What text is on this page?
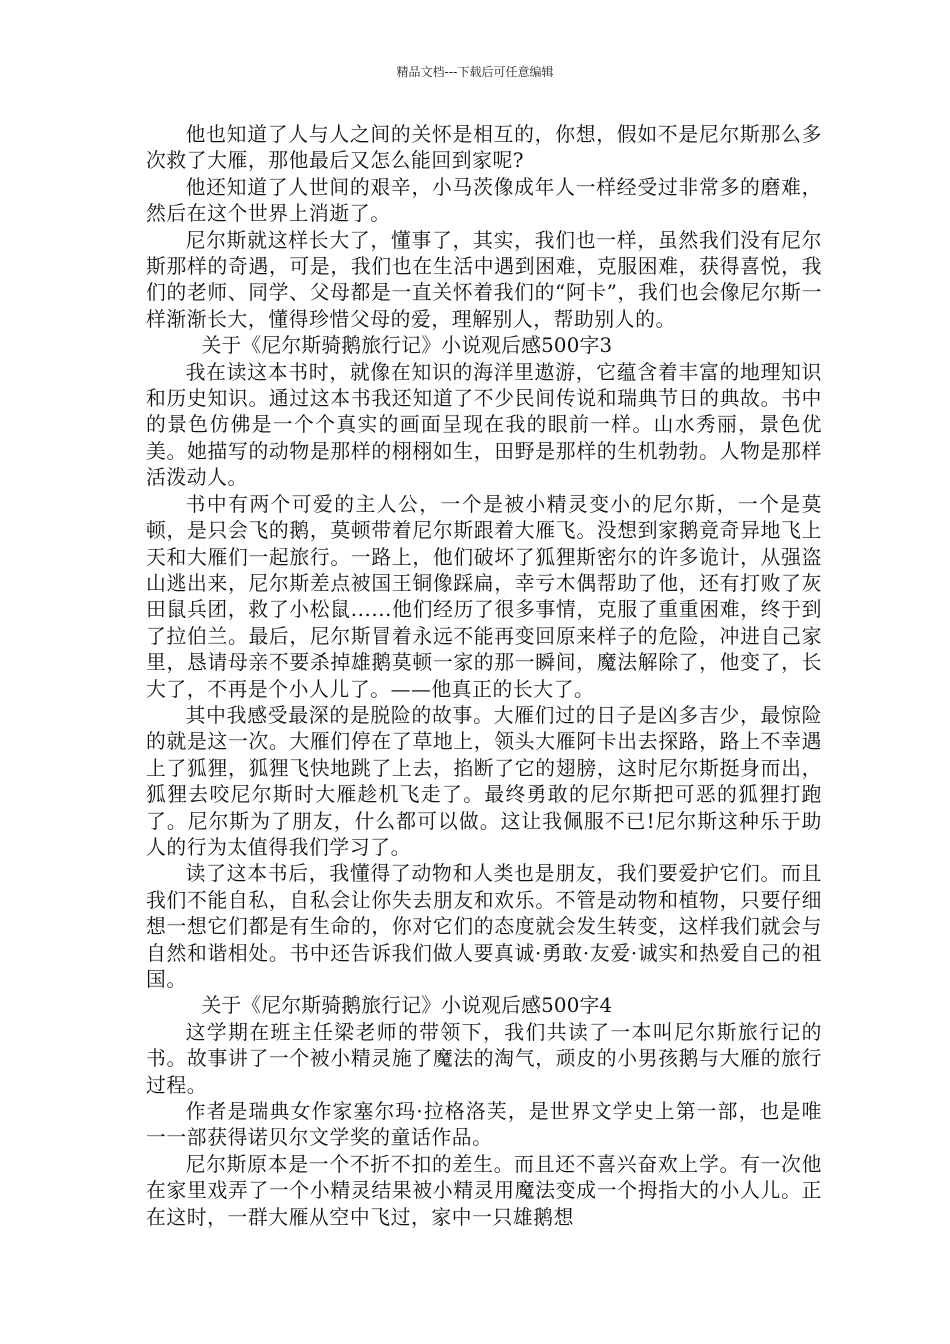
精品文档---下载后可任意编辑

他也知道了人与人之间的关怀是相互的，你想，假如不是尼尔斯那么多次救了大雁，那他最后又怎么能回到家呢?

他还知道了人世间的艰辛，小马茨像成年人一样经受过非常多的磨难，然后在这个世界上消逝了。

尼尔斯就这样长大了，懂事了，其实，我们也一样，虽然我们没有尼尔斯那样的奇遇，可是，我们也在生活中遇到困难，克服困难，获得喜悦，我们的老师、同学、父母都是一直关怀着我们的“阿卡”，我们也会像尼尔斯一样渐渐长大，懂得珍惜父母的爱，理解别人，帮助别人的。

关于《尼尔斯骑鹅旅行记》小说观后感500字3

我在读这本书时，就像在知识的海洋里遨游，它蕴含着丰富的地理知识和历史知识。通过这本书我还知道了不少民间传说和瑞典节日的典故。书中的景色仿佛是一个个真实的画面呈现在我的眼前一样。山水秀丽，景色优美。她描写的动物是那样的栩栩如生，田野是那样的生机勃勃。人物是那样活泼动人。

书中有两个可爱的主人公，一个是被小精灵变小的尼尔斯，一个是莫顿，是只会飞的鹅，莫顿带着尼尔斯跟着大雁飞。没想到家鹅竟奇异地飞上天和大雁们一起旅行。一路上，他们破坏了狐狸斯密尔的许多诡计，从强盗山逃出来，尼尔斯差点被国王铜像踩扁，幸亏木偶帮助了他，还有打败了灰田鼠兵团，救了小松鼠......他们经历了很多事情，克服了重重困难，终于到了拉伯兰。最后，尼尔斯冒着永远不能再变回原来样子的危险，冲进自己家里，恳请母亲不要杀掉雄鹅莫顿一家的那一瞬间，魔法解除了，他变了，长大了，不再是个小人儿了。——他真正的长大了。

其中我感受最深的是脱险的故事。大雁们过的日子是凶多吉少，最惊险的就是这一次。大雁们停在了草地上，领头大雁阿卡出去探路，路上不幸遇上了狐狸，狐狸飞快地跳了上去，掐断了它的翅膀，这时尼尔斯挺身而出，狐狸去咬尼尔斯时大雁趁机飞走了。最终勇敢的尼尔斯把可恶的狐狸打跑了。尼尔斯为了朋友，什么都可以做。这让我佩服不已!尼尔斯这种乐于助人的行为太值得我们学习了。

读了这本书后，我懂得了动物和人类也是朋友，我们要爱护它们。而且我们不能自私，自私会让你失去朋友和欢乐。不管是动物和植物，只要仔细想一想它们都是有生命的，你对它们的态度就会发生转变，这样我们就会与自然和谐相处。书中还告诉我们做人要真诚·勇敢·友爱·诚实和热爱自己的祖国。

关于《尼尔斯骑鹅旅行记》小说观后感500字4

这学期在班主任梁老师的带领下，我们共读了一本叫尼尔斯旅行记的书。故事讲了一个被小精灵施了魔法的淘气，顽皮的小男孩鹅与大雁的旅行过程。

作者是瑞典女作家塞尔玛·拉格洛芙，是世界文学史上第一部，也是唯一一部获得诺贝尔文学奖的童话作品。

尼尔斯原本是一个不折不扣的差生。而且还不喜兴奋欢上学。有一次他在家里戏弄了一个小精灵结果被小精灵用魔法变成一个拇指大的小人儿。正在这时，一群大雁从空中飞过，家中一只雄鹅想
